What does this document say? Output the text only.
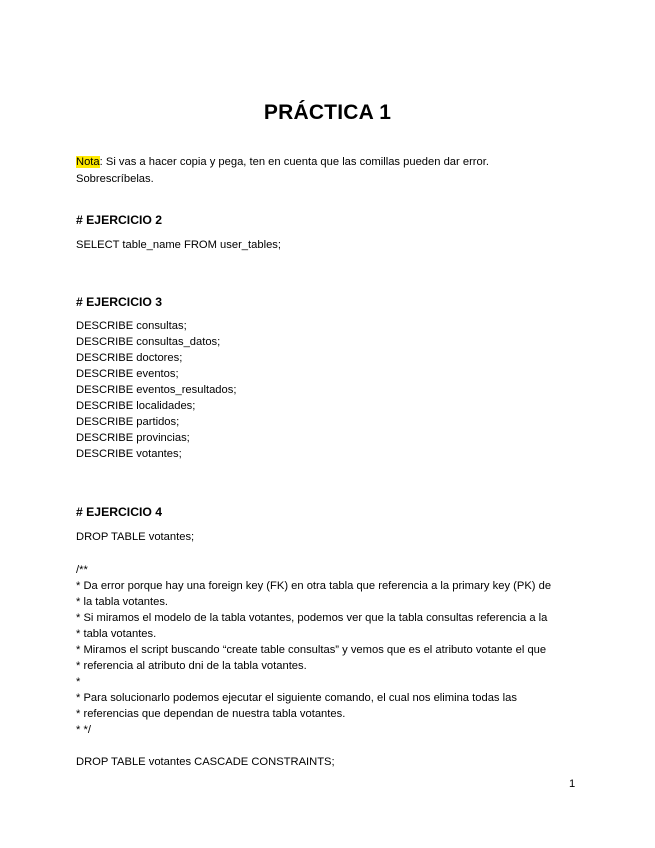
PRÁCTICA 1
Nota: Si vas a hacer copia y pega, ten en cuenta que las comillas pueden dar error.
Sobrescríbelas.
# EJERCICIO 2
SELECT table_name FROM user_tables;
# EJERCICIO 3
DESCRIBE consultas;
DESCRIBE consultas_datos;
DESCRIBE doctores;
DESCRIBE eventos;
DESCRIBE eventos_resultados;
DESCRIBE localidades;
DESCRIBE partidos;
DESCRIBE provincias;
DESCRIBE votantes;
# EJERCICIO 4
DROP TABLE votantes;
/**
* Da error porque hay una foreign key (FK) en otra tabla que referencia a la primary key (PK) de
* la tabla votantes.
* Si miramos el modelo de la tabla votantes, podemos ver que la tabla consultas referencia a la
* tabla votantes.
* Miramos el script buscando “create table consultas” y vemos que es el atributo votante el que
* referencia al atributo dni de la tabla votantes.
*
* Para solucionarlo podemos ejecutar el siguiente comando, el cual nos elimina todas las
* referencias que dependan de nuestra tabla votantes.
* */
DROP TABLE votantes CASCADE CONSTRAINTS;
1
